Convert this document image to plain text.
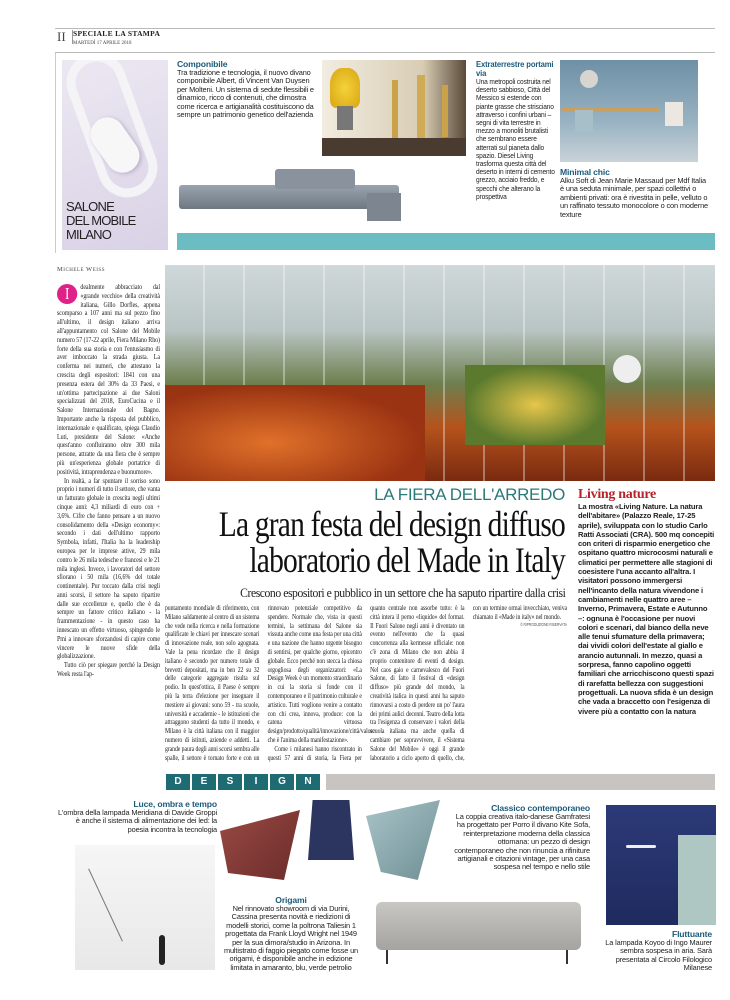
II SPECIALE LA STAMPA
MARTEDÌ 17 APRILE 2018
SALONE
DEL MOBILE
MILANO
Componibile
Tra tradizione e tecnologia, il nuovo divano componibile Albert, di Vincent Van Duysen per Molteni. Un sistema di sedute flessibili e dinamico, ricco di contenuti, che dimostra come ricerca e artigianalità costituiscono da sempre un patrimonio genetico dell'azienda
Extraterrestre portami via
Una metropoli costruita nel deserto sabbioso, Città del Messico si estende con piante grasse che strisciano attraverso i confini urbani – segni di vita terrestre in mezzo a monoliti brutalisti che sembrano essere atterrati sul pianeta dallo spazio. Diesel Living trasforma questa città del deserto in interni di cemento grezzo, acciaio freddo, e specchi che alterano la prospettiva
Minimal chic
Alku Soft di Jean Marie Massaud per Mdf Italia è una seduta minimale, per spazi collettivi o ambienti privati: ora è rivestita in pelle, velluto o un raffinato tessuto monocolore o con moderne texture
Michele Weiss

I	dealmente abbracciato dal «grande vecchio» della creatività italiana, Gillo Dorfles, appena scomparso a 107 anni ma sul pezzo fino all'ultimo, il design italiano arriva all'appuntamento col Salone del Mobile numero 57 (17-22 aprile, Fiera Milano Rho) forte della sua storia e con l'entusiasmo di aver imboccato la strada giusta. La conferma nei numeri, che attestano la crescita degli espositori: 1841 con una presenza estera del 30% da 33 Paesi, e un'ottima partecipazione ai due Saloni specializzati del 2018, EuroCucina e il Salone Internazionale del Bagno. Importante anche la risposta del pubblico, internazionale e qualificato, spiega Claudio Luti, presidente del Salone: «Anche quest'anno confluiranno oltre 300 mila persone, attratte da una fiera che è sempre più un'esperienza globale portatrice di positività, intraprendenza e buonumore».

In realtà, a far spuntare il sorriso sono proprio i numeri di tutto il settore, che vanta un fatturato globale in crescita negli ultimi cinque anni: 4,3 miliardi di euro con + 3,6%. Cifre che fanno pensare a un nuovo consolidamento della «Design economy»: secondo i dati dell'ultimo rapporto Symbola, infatti, l'Italia ha la leadership europea per le imprese attive, 29 mila contro le 26 mila tedesche e francesi e le 21 mila inglesi. Invece, i lavoratori del settore sfiorano i 50 mila (16,6% del totale continentale). Pur toccato dalla crisi negli anni scorsi, il settore ha saputo ripartire dalle sue eccellenze e, quello che è da sempre un fattore critico italiano - la frammentazione - in questo caso ha innescato un effetto virtuoso, spingendo le Pmi a innovare sforzandosi di capire come vincere le nuove sfide della globalizzazione.

Tutto ciò per spiegare perché la Design Week resta l'ap-

LA FIERA DELL'ARREDO
La gran festa del design diffuso laboratorio del Made in Italy
Crescono espositori e pubblico in un settore che ha saputo ripartire dalla crisi

puntamento mondiale di riferimento, con Milano saldamente al centro di un sistema che vede nella ricerca e nella formazione qualificate le chiavi per innescare scenari di innovazione reale, non solo agognata. Vale la pena ricordare che il design italiano è secondo per numero totale di brevetti depositati, ma in ben 22 su 32 delle categorie aggregate risulta sul podio. In quest'ottica, il Paese è sempre più la terra d'elezione per insegnare il mestiere ai giovani: sono 59 - tra scuole, università e accademie - le istituzioni che attraggono studenti da tutto il mondo, e Milano è la città italiana con il maggior numero di istituti, aziende e addetti. La grande paura degli anni scorsi sembra alle spalle, il settore è tornato forte e con un rinnovato potenziale competitivo da spendere. Normale che, vista in questi termini, la settimana del Salone sia vissuta anche come una festa per una città e una nazione che hanno urgente bisogno di sentirsi, per qualche giorno, epicentro globale. Ecco perché non stecca la chiosa orgogliosa degli organizzatori: «La Design Week è un momento straordinario in cui la storia si fonde con il contemporaneo e il patrimonio culturale e artistico. Tutti vogliono venire a contatto con chi crea, innova, produce: con la catena virtuosa design/prodotto/qualità/innovazione/città/valore che è l'anima della manifestazione».

Come i milanesi hanno riscontrato in questi 57 anni di storia, la Fiera per quanto centrale non assorbe tutto: è la città intera il perno «liquido» del format. Il Fuori Salone negli anni è diventato un evento nell'evento che fa quasi concorrenza alla kermesse ufficiale: non c'è zona di Milano che non abbia il proprio contenitore di eventi di design. Nel caos gaio e carnevalesco del Fuori Salone, di fatto il festival di «design diffuso» più grande del mondo, la creatività italica in questi anni ha saputo rinnovarsi a costo di perdere un po' l'aura dei primi aulici decenni. Teatro della lotta tra l'esigenza di conservare i valori della scuola italiana ma anche quella di cambiare per sopravvivere, il «Sistema Salone del Mobile» è oggi il grande laboratorio a ciclo aperto di quello, che, con un termine ormai invecchiato, veniva chiamato il «Made in italy» nel mondo.

© RIPRODUZIONE RISERVATA

Living nature
La mostra «Living Nature. La natura dell'abitare» (Palazzo Reale, 17-25 aprile), sviluppata con lo studio Carlo Ratti Associati (CRA). 500 mq concepiti con criteri di risparmio energetico che ospitano quattro microcosmi naturali e climatici per permettere alle stagioni di coesistere l'una accanto all'altra. I visitatori possono immergersi nell'incanto della natura vivendone i cambiamenti nelle quattro aree – Inverno, Primavera, Estate e Autunno –: ognuna è l'occasione per nuovi colori e scenari, dal bianco della neve alle tenui sfumature della primavera; dai vividi colori dell'estate al giallo e arancio autunnali. In mezzo, quasi a sorpresa, fanno capolino oggetti familiari che arricchiscono questi spazi di rarefatta bellezza con suggestioni progettuali. La nuova sfida è un design che vada a braccetto con l'esigenza di vivere più a contatto con la natura
D	E	S	I	G	N
Luce, ombra e tempo
L'ombra della lampada Meridiana di Davide Groppi è anche il sistema di alimentazione dei led: la poesia incontra la tecnologia
Origami
Nel rinnovato showroom di via Durini, Cassina presenta novità e riedizioni di modelli storici, come la poltrona Taliesin 1 progettata da Frank Lloyd Wright nel 1949 per la sua dimora/studio in Arizona. In multistrato di faggio piegato come fosse un origami, è disponibile anche in edizione limitata in amaranto, blu, verde petrolio
Classico contemporaneo
La coppia creativa italo-danese Gamfratesi ha progettato per Porro il divano Kite Sofa, reinterpretazione moderna della classica ottomana: un pezzo di design contemporaneo che non rinuncia a rifiniture artigianali e citazioni vintage, per una casa sospesa nel tempo e nello stile
Fluttuante
La lampada Koyoo di Ingo Maurer sembra sospesa in aria. Sarà presentata al Circolo Filologico Milanese
